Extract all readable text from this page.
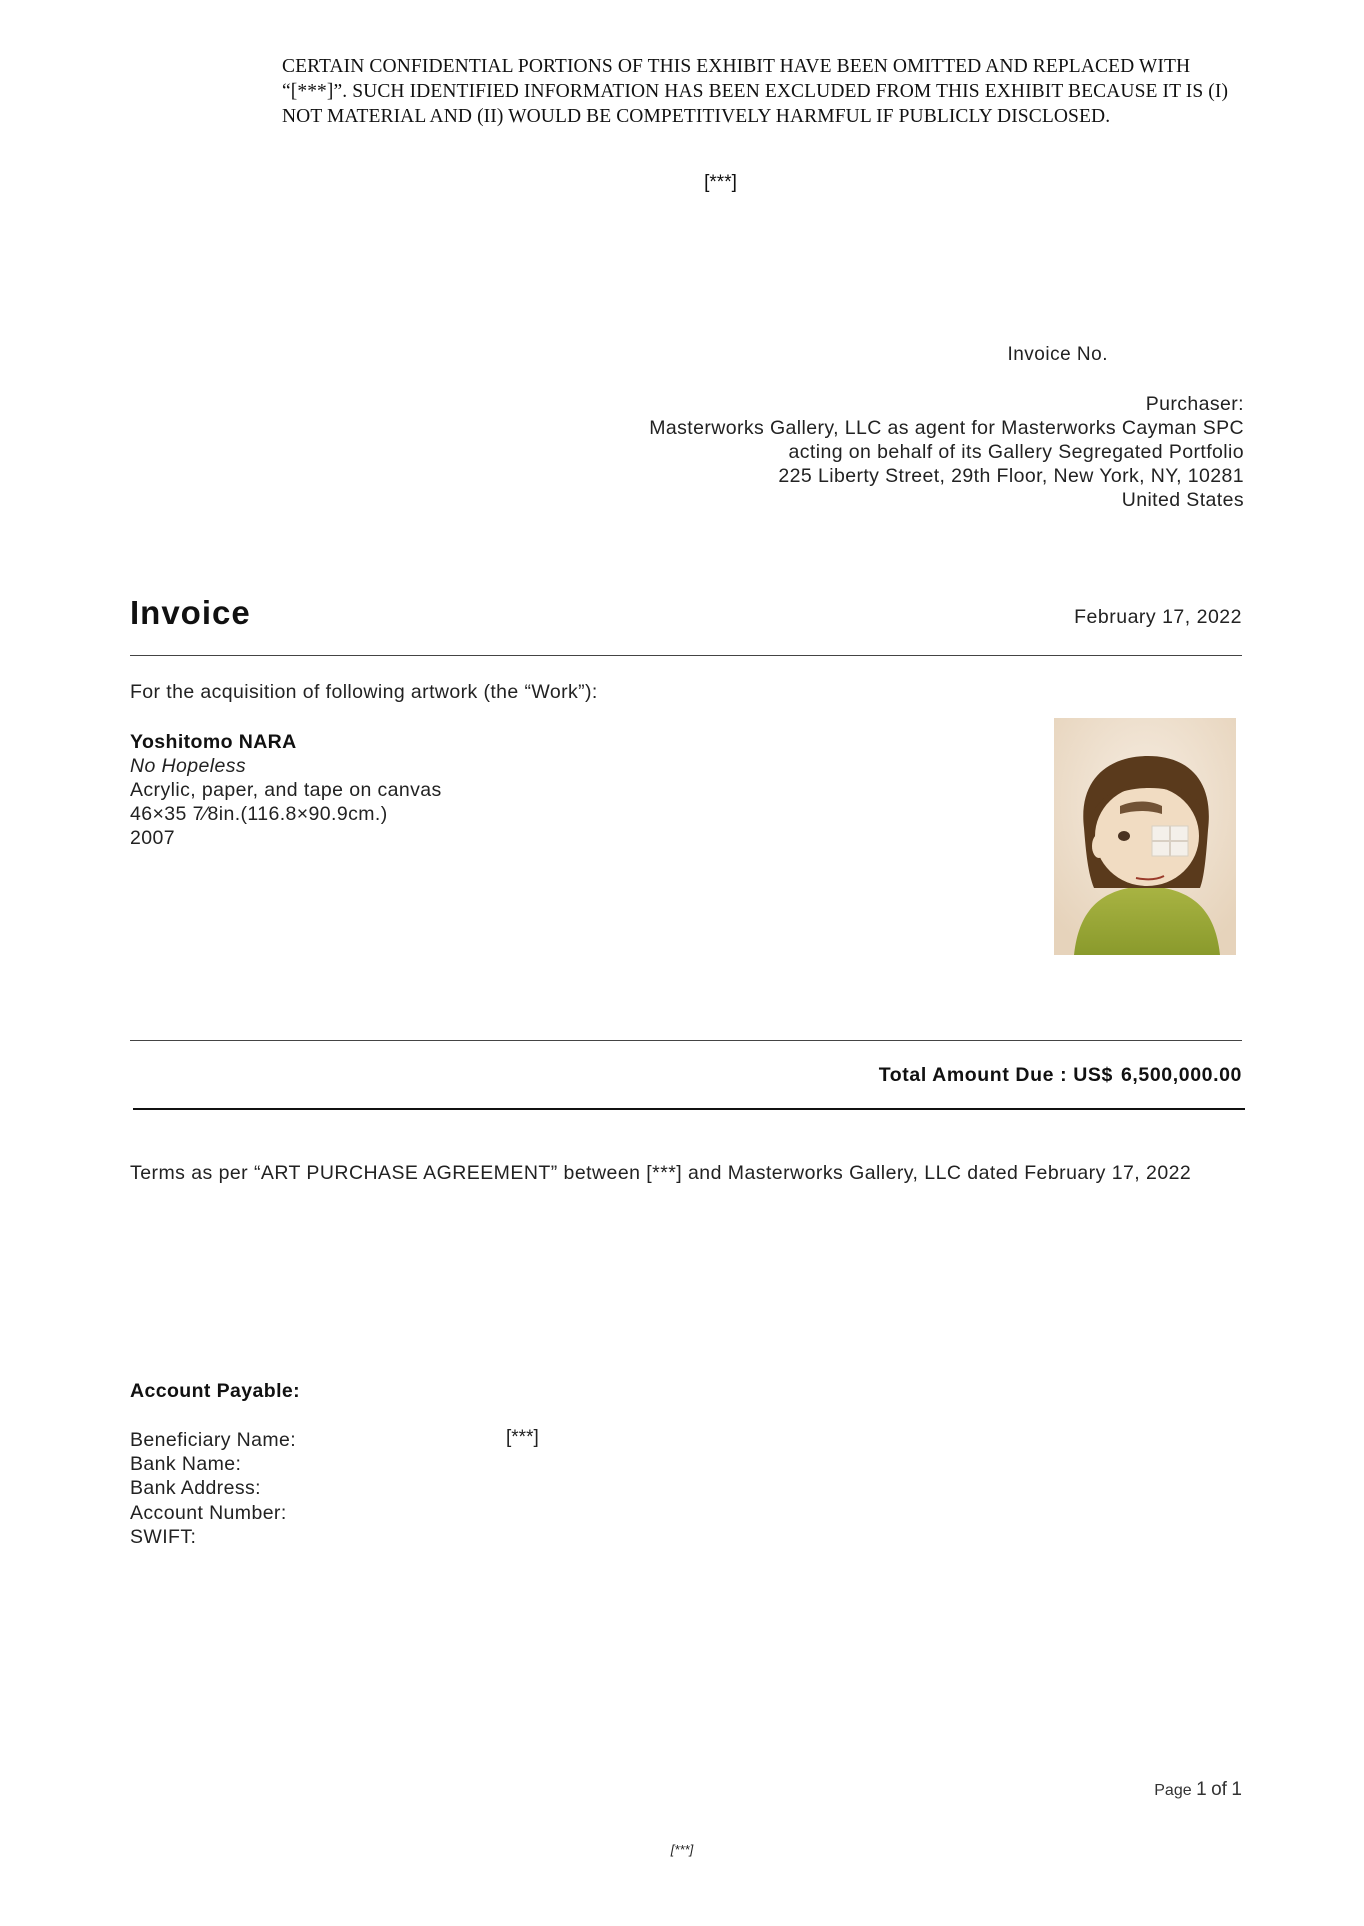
CERTAIN CONFIDENTIAL PORTIONS OF THIS EXHIBIT HAVE BEEN OMITTED AND REPLACED WITH
“[***]”. SUCH IDENTIFIED INFORMATION HAS BEEN EXCLUDED FROM THIS EXHIBIT BECAUSE IT IS (I)
NOT MATERIAL AND (II) WOULD BE COMPETITIVELY HARMFUL IF PUBLICLY DISCLOSED.
[***]
Invoice No.
Purchaser:
Masterworks Gallery, LLC as agent for Masterworks Cayman SPC
acting on behalf of its Gallery Segregated Portfolio
225 Liberty Street, 29th Floor, New York, NY, 10281
United States
Invoice	February 17, 2022
For the acquisition of following artwork (the “Work”):
Yoshitomo NARA
No Hopeless
Acrylic, paper, and tape on canvas
46×35 7⁄8in.(116.8×90.9cm.)
2007
Total Amount Due : US$ 6,500,000.00
Terms as per “ART PURCHASE AGREEMENT” between [***] and Masterworks Gallery, LLC dated February 17, 2022
Account Payable:
Beneficiary Name:
Bank Name:
Bank Address:
Account Number:
SWIFT:
[***]
Page 1 of 1
[***]
